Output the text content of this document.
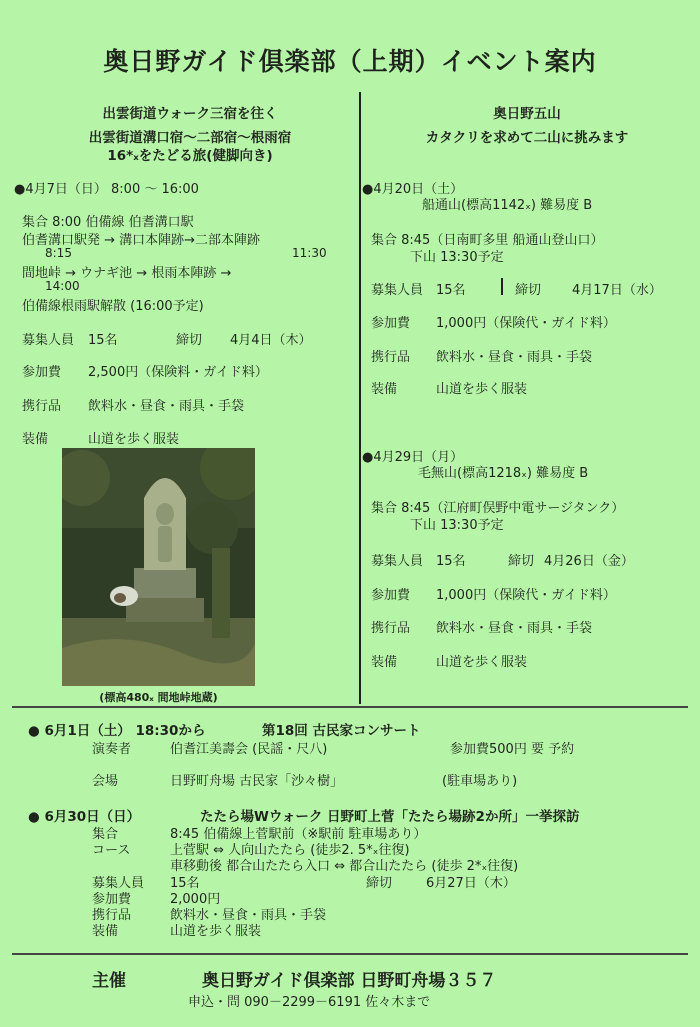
奥日野ガイド倶楽部（上期）イベント案内
出雲街道ウォーク三宿を往く
出雲街道溝口宿～二部宿～根雨宿
16*ₓをたどる旅(健脚向き)
●4月7日（日） 8:00 ～ 16:00
集合 8:00 伯備線 伯耆溝口駅
伯耆溝口駅発 → 溝口本陣跡→二部本陣跡
8:15	11:30
間地峠 → ウナギ池 → 根雨本陣跡 →
14:00
伯備線根雨駅解散 (16:00予定)
募集人員 15名	締切 4月4日（木）
参加費 2,500円（保険料・ガイド料）
携行品 飲料水・昼食・雨具・手袋
装備	山道を歩く服装
(標高480ₓ 間地峠地蔵)
奥日野五山
カタクリを求めて二山に挑みます
●4月20日（土）
船通山(標高1142ₓ) 難易度 B
集合 8:45（日南町多里 船通山登山口）
下山 13:30予定
募集人員 15名	締切 4月17日（水）
参加費 1,000円（保険代・ガイド料）
携行品 飲料水・昼食・雨具・手袋
装備	山道を歩く服装
●4月29日（月）
毛無山(標高1218ₓ) 難易度 B
集合 8:45（江府町俣野中電サージタンク）
下山 13:30予定
募集人員 15名	締切 4月26日（金）
参加費 1,000円（保険代・ガイド料）
携行品 飲料水・昼食・雨具・手袋
装備	山道を歩く服装
● 6月1日（土） 18:30から	第18回 古民家コンサート
演奏者	伯耆江美壽会 (民謡・尺八)	参加費500円 要 予約
会場	日野町舟場 古民家「沙々樹」	(駐車場あり)
● 6月30日（日）	たたら場Wウォーク 日野町上菅「たたら場跡2か所」一挙探訪
集合	8:45 伯備線上菅駅前（※駅前 駐車場あり）
コース	上菅駅 ⇔ 人向山たたら (徒歩2. 5*ₓ往復)
車移動後 都合山たたら入口 ⇔ 都合山たたら (徒歩 2*ₓ往復)
募集人員 15名	締切	6月27日（木）
参加費	2,000円
携行品	飲料水・昼食・雨具・手袋
装備	山道を歩く服装
主催	奥日野ガイド倶楽部 日野町舟場３５７
申込・問 090－2299－6191 佐々木まで
